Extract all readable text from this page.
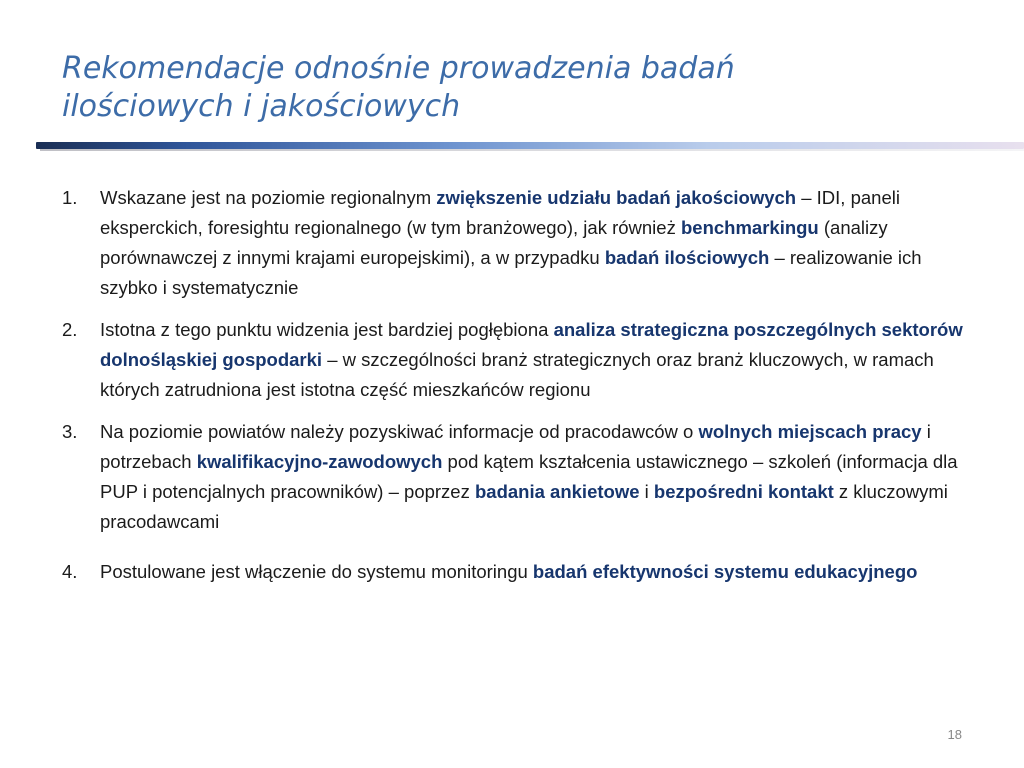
Rekomendacje odnośnie prowadzenia badań
ilościowych i jakościowych
1. Wskazane jest na poziomie regionalnym zwiększenie udziału badań jakościowych – IDI, paneli eksperckich, foresightu regionalnego (w tym branżowego), jak również benchmarkingu (analizy porównawczej z innymi krajami europejskimi), a w przypadku badań ilościowych – realizowanie ich szybko i systematycznie
2. Istotna z tego punktu widzenia jest bardziej pogłębiona analiza strategiczna poszczególnych sektorów dolnośląskiej gospodarki – w szczególności branż strategicznych oraz branż kluczowych, w ramach których zatrudniona jest istotna część mieszkańców regionu
3. Na poziomie powiatów należy pozyskiwać informacje od pracodawców o wolnych miejscach pracy i potrzebach kwalifikacyjno-zawodowych pod kątem kształcenia ustawicznego – szkoleń (informacja dla PUP i potencjalnych pracowników) – poprzez badania ankietowe i bezpośredni kontakt z kluczowymi pracodawcami
4. Postulowane jest włączenie do systemu monitoringu badań efektywności systemu edukacyjnego
18
